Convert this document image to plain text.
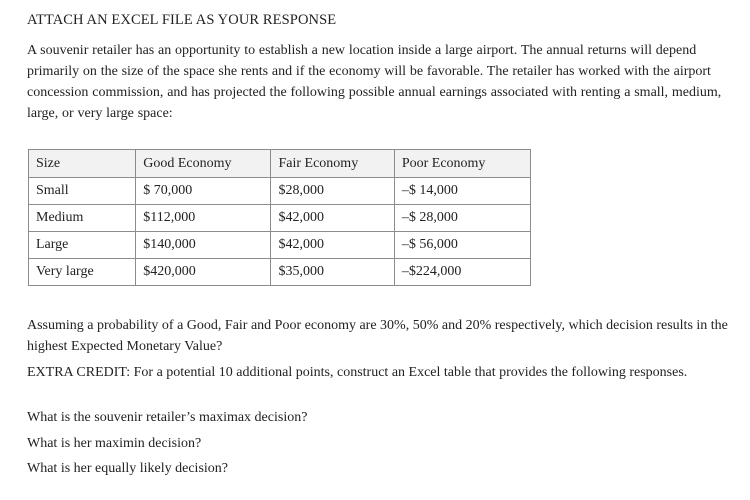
ATTACH AN EXCEL FILE AS YOUR RESPONSE

A souvenir retailer has an opportunity to establish a new location inside a large airport. The annual returns will depend primarily on the size of the space she rents and if the economy will be favorable. The retailer has worked with the airport concession commission, and has projected the following possible annual earnings associated with renting a small, medium, large, or very large space:

Size	Good Economy	Fair Economy	Poor Economy
Small	$ 70,000	$28,000	–$ 14,000
Medium	$112,000	$42,000	–$ 28,000
Large	$140,000	$42,000	–$ 56,000
Very large	$420,000	$35,000	–$224,000

Assuming a probability of a Good, Fair and Poor economy are 30%, 50% and 20% respectively, which decision results in the highest Expected Monetary Value?

EXTRA CREDIT: For a potential 10 additional points, construct an Excel table that provides the following responses.

What is the souvenir retailer’s maximax decision?
What is her maximin decision?
What is her equally likely decision?
